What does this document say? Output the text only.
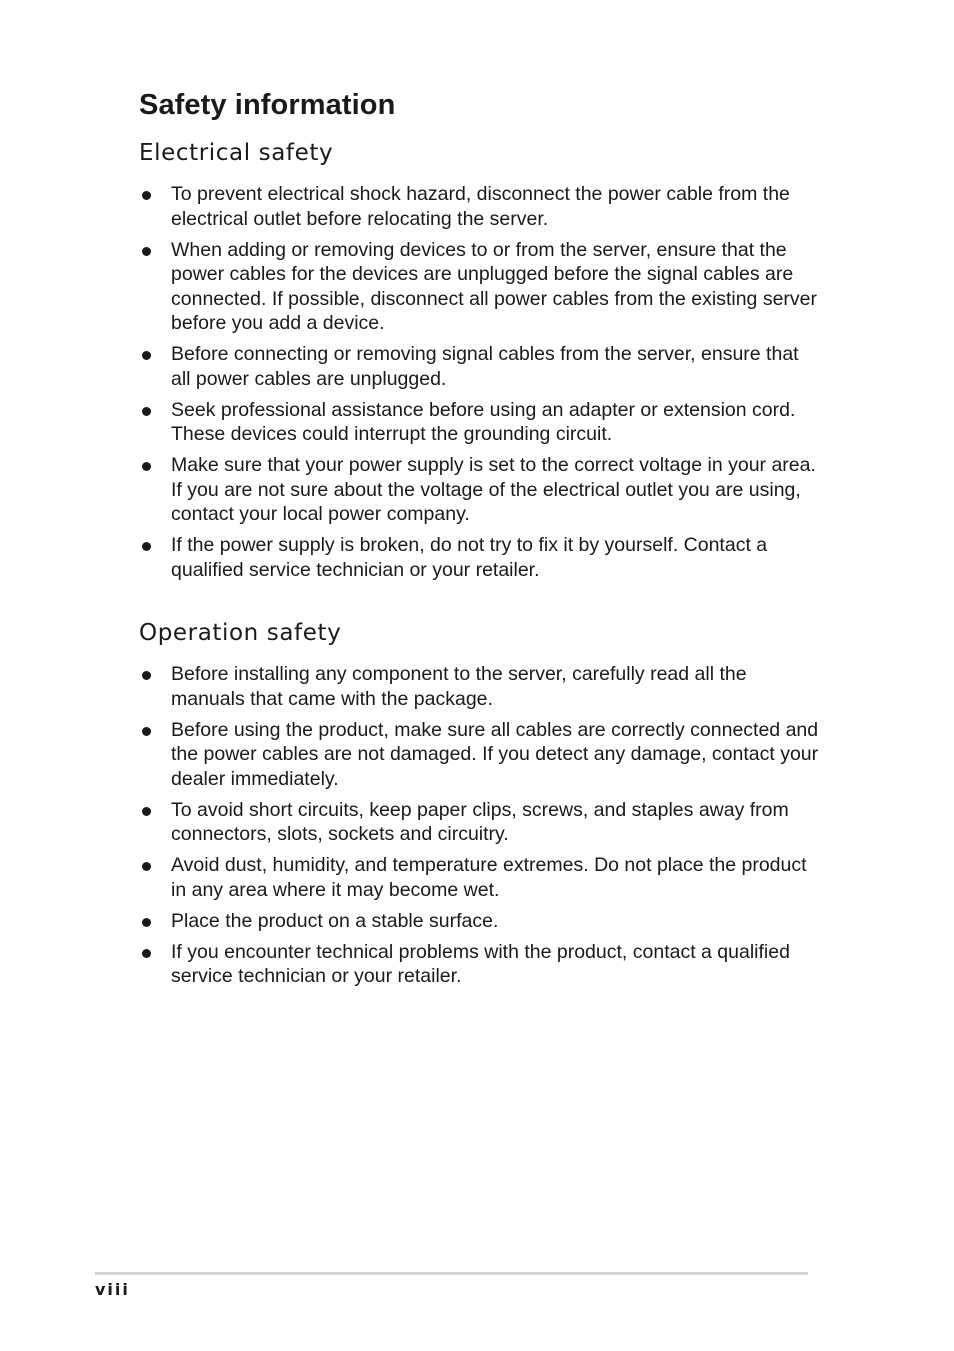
Safety information
Electrical safety
To prevent electrical shock hazard, disconnect the power cable from the electrical outlet before relocating the server.
When adding or removing devices to or from the server, ensure that the power cables for the devices are unplugged before the signal cables are connected. If possible, disconnect all power cables from the existing server before you add a device.
Before connecting or removing signal cables from the server, ensure that all power cables are unplugged.
Seek professional assistance before using an adapter or extension cord. These devices could interrupt the grounding circuit.
Make sure that your power supply is set to the correct voltage in your area. If you are not sure about the voltage of the electrical outlet you are using, contact your local power company.
If the power supply is broken, do not try to fix it by yourself. Contact a qualified service technician or your retailer.
Operation safety
Before installing any component to the server, carefully read all the manuals that came with the package.
Before using the product, make sure all cables are correctly connected and the power cables are not damaged. If you detect any damage, contact your dealer immediately.
To avoid short circuits, keep paper clips, screws, and staples away from connectors, slots, sockets and circuitry.
Avoid dust, humidity, and temperature extremes. Do not place the product in any area where it may become wet.
Place the product on a stable surface.
If you encounter technical problems with the product, contact a qualified service technician or your retailer.
viii
